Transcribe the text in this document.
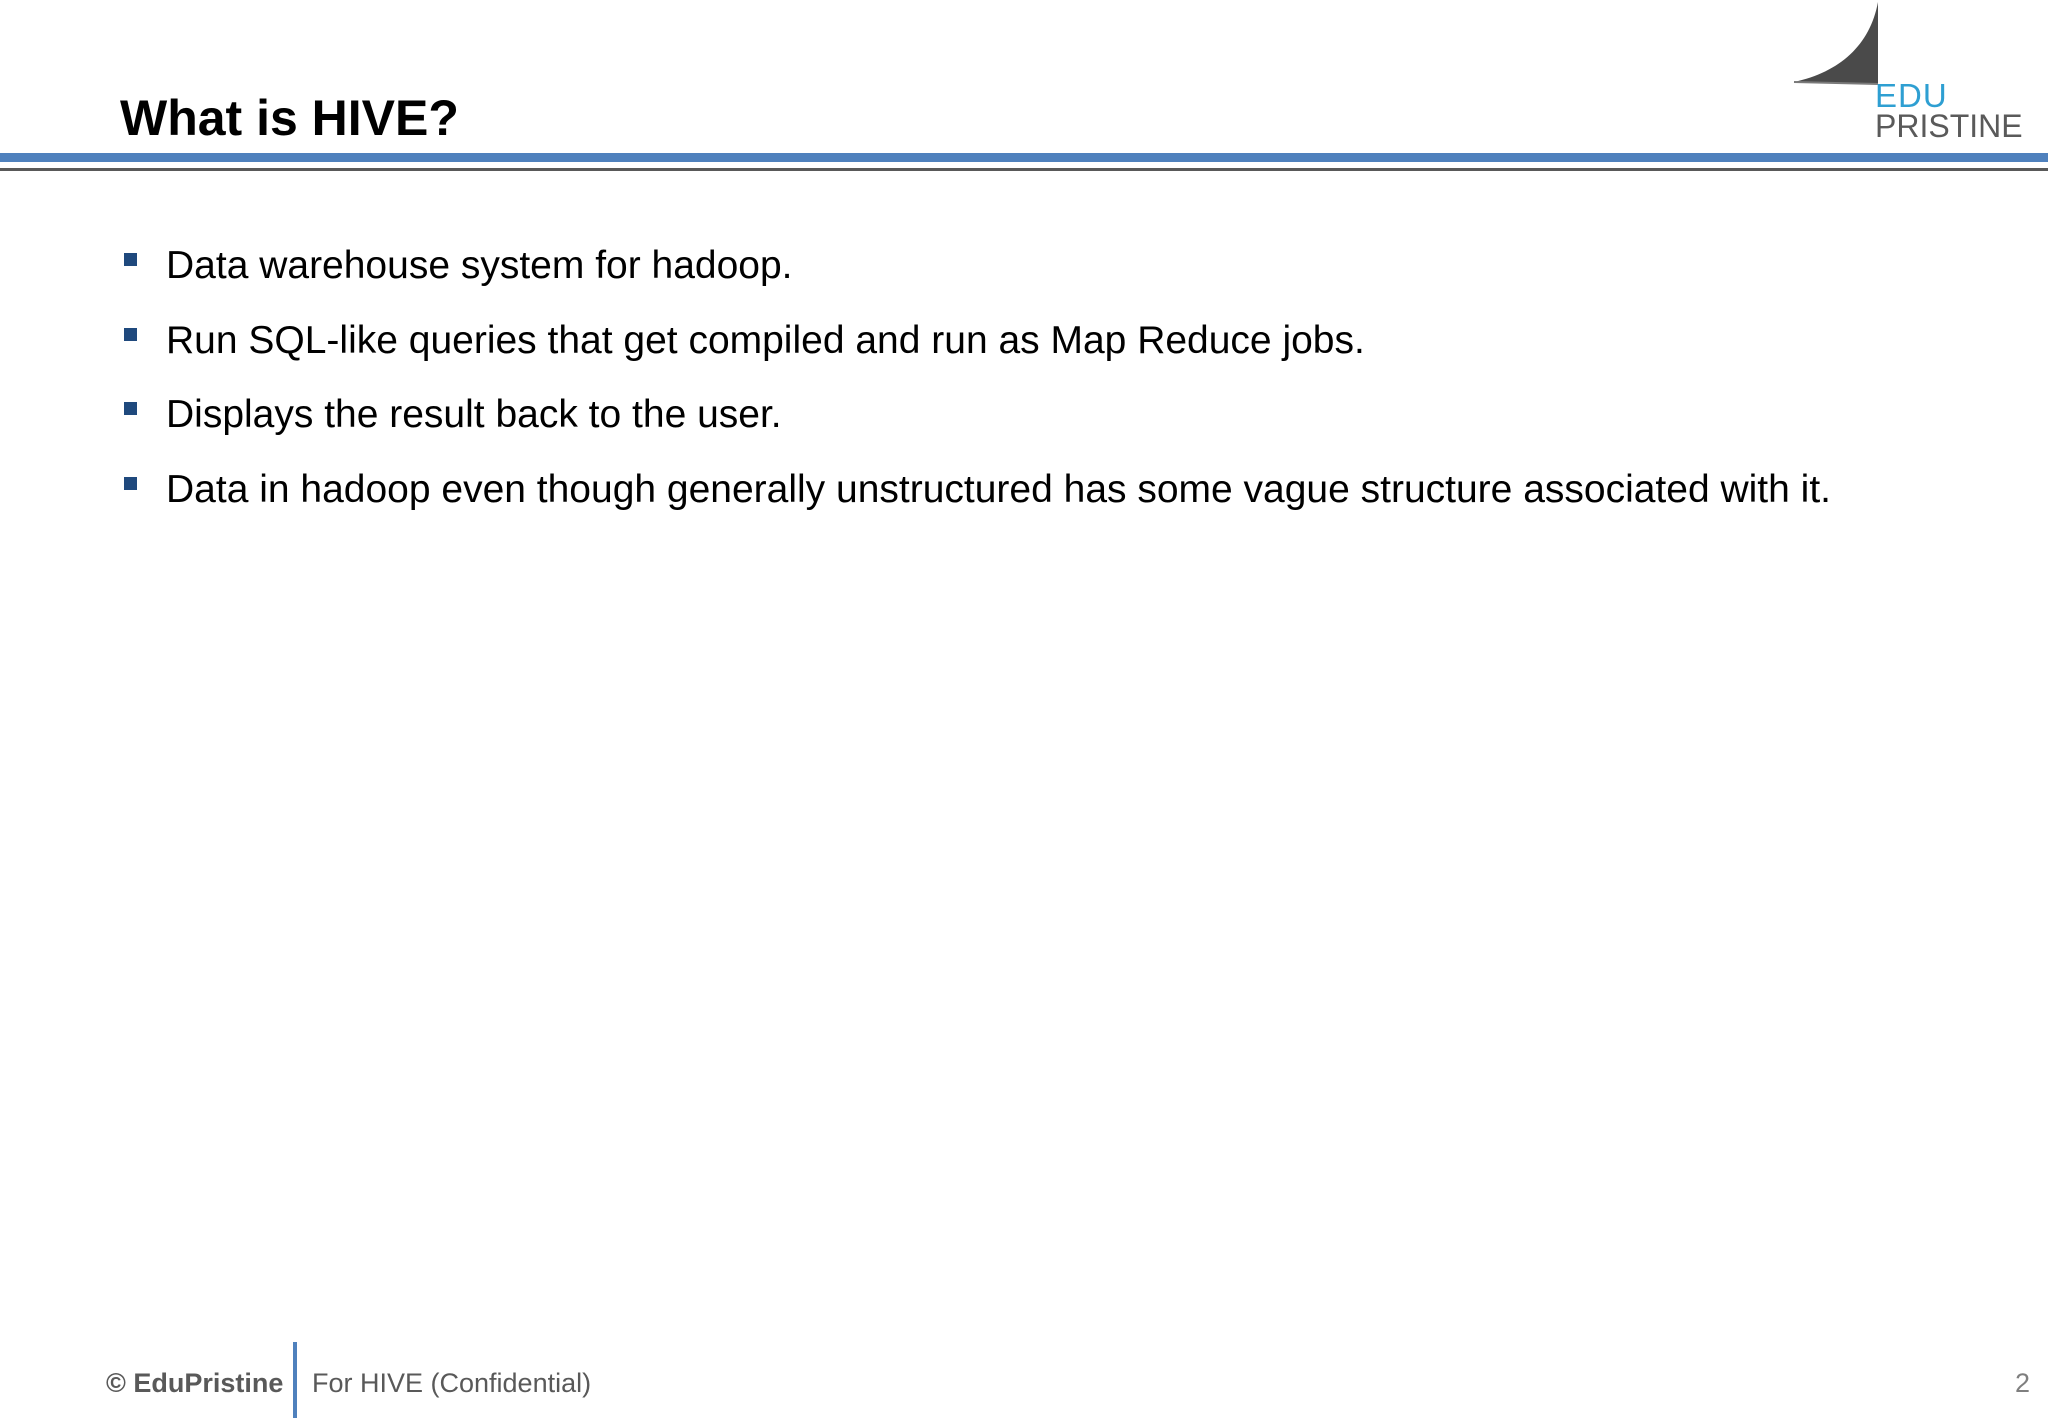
What is HIVE?	EDU
PRISTINE
Data warehouse system for hadoop.
Run SQL-like queries that get compiled and run as Map Reduce jobs.
Displays the result back to the user.
Data in hadoop even though generally unstructured has some vague structure associated with it.
© EduPristine For HIVE (Confidential)	2
